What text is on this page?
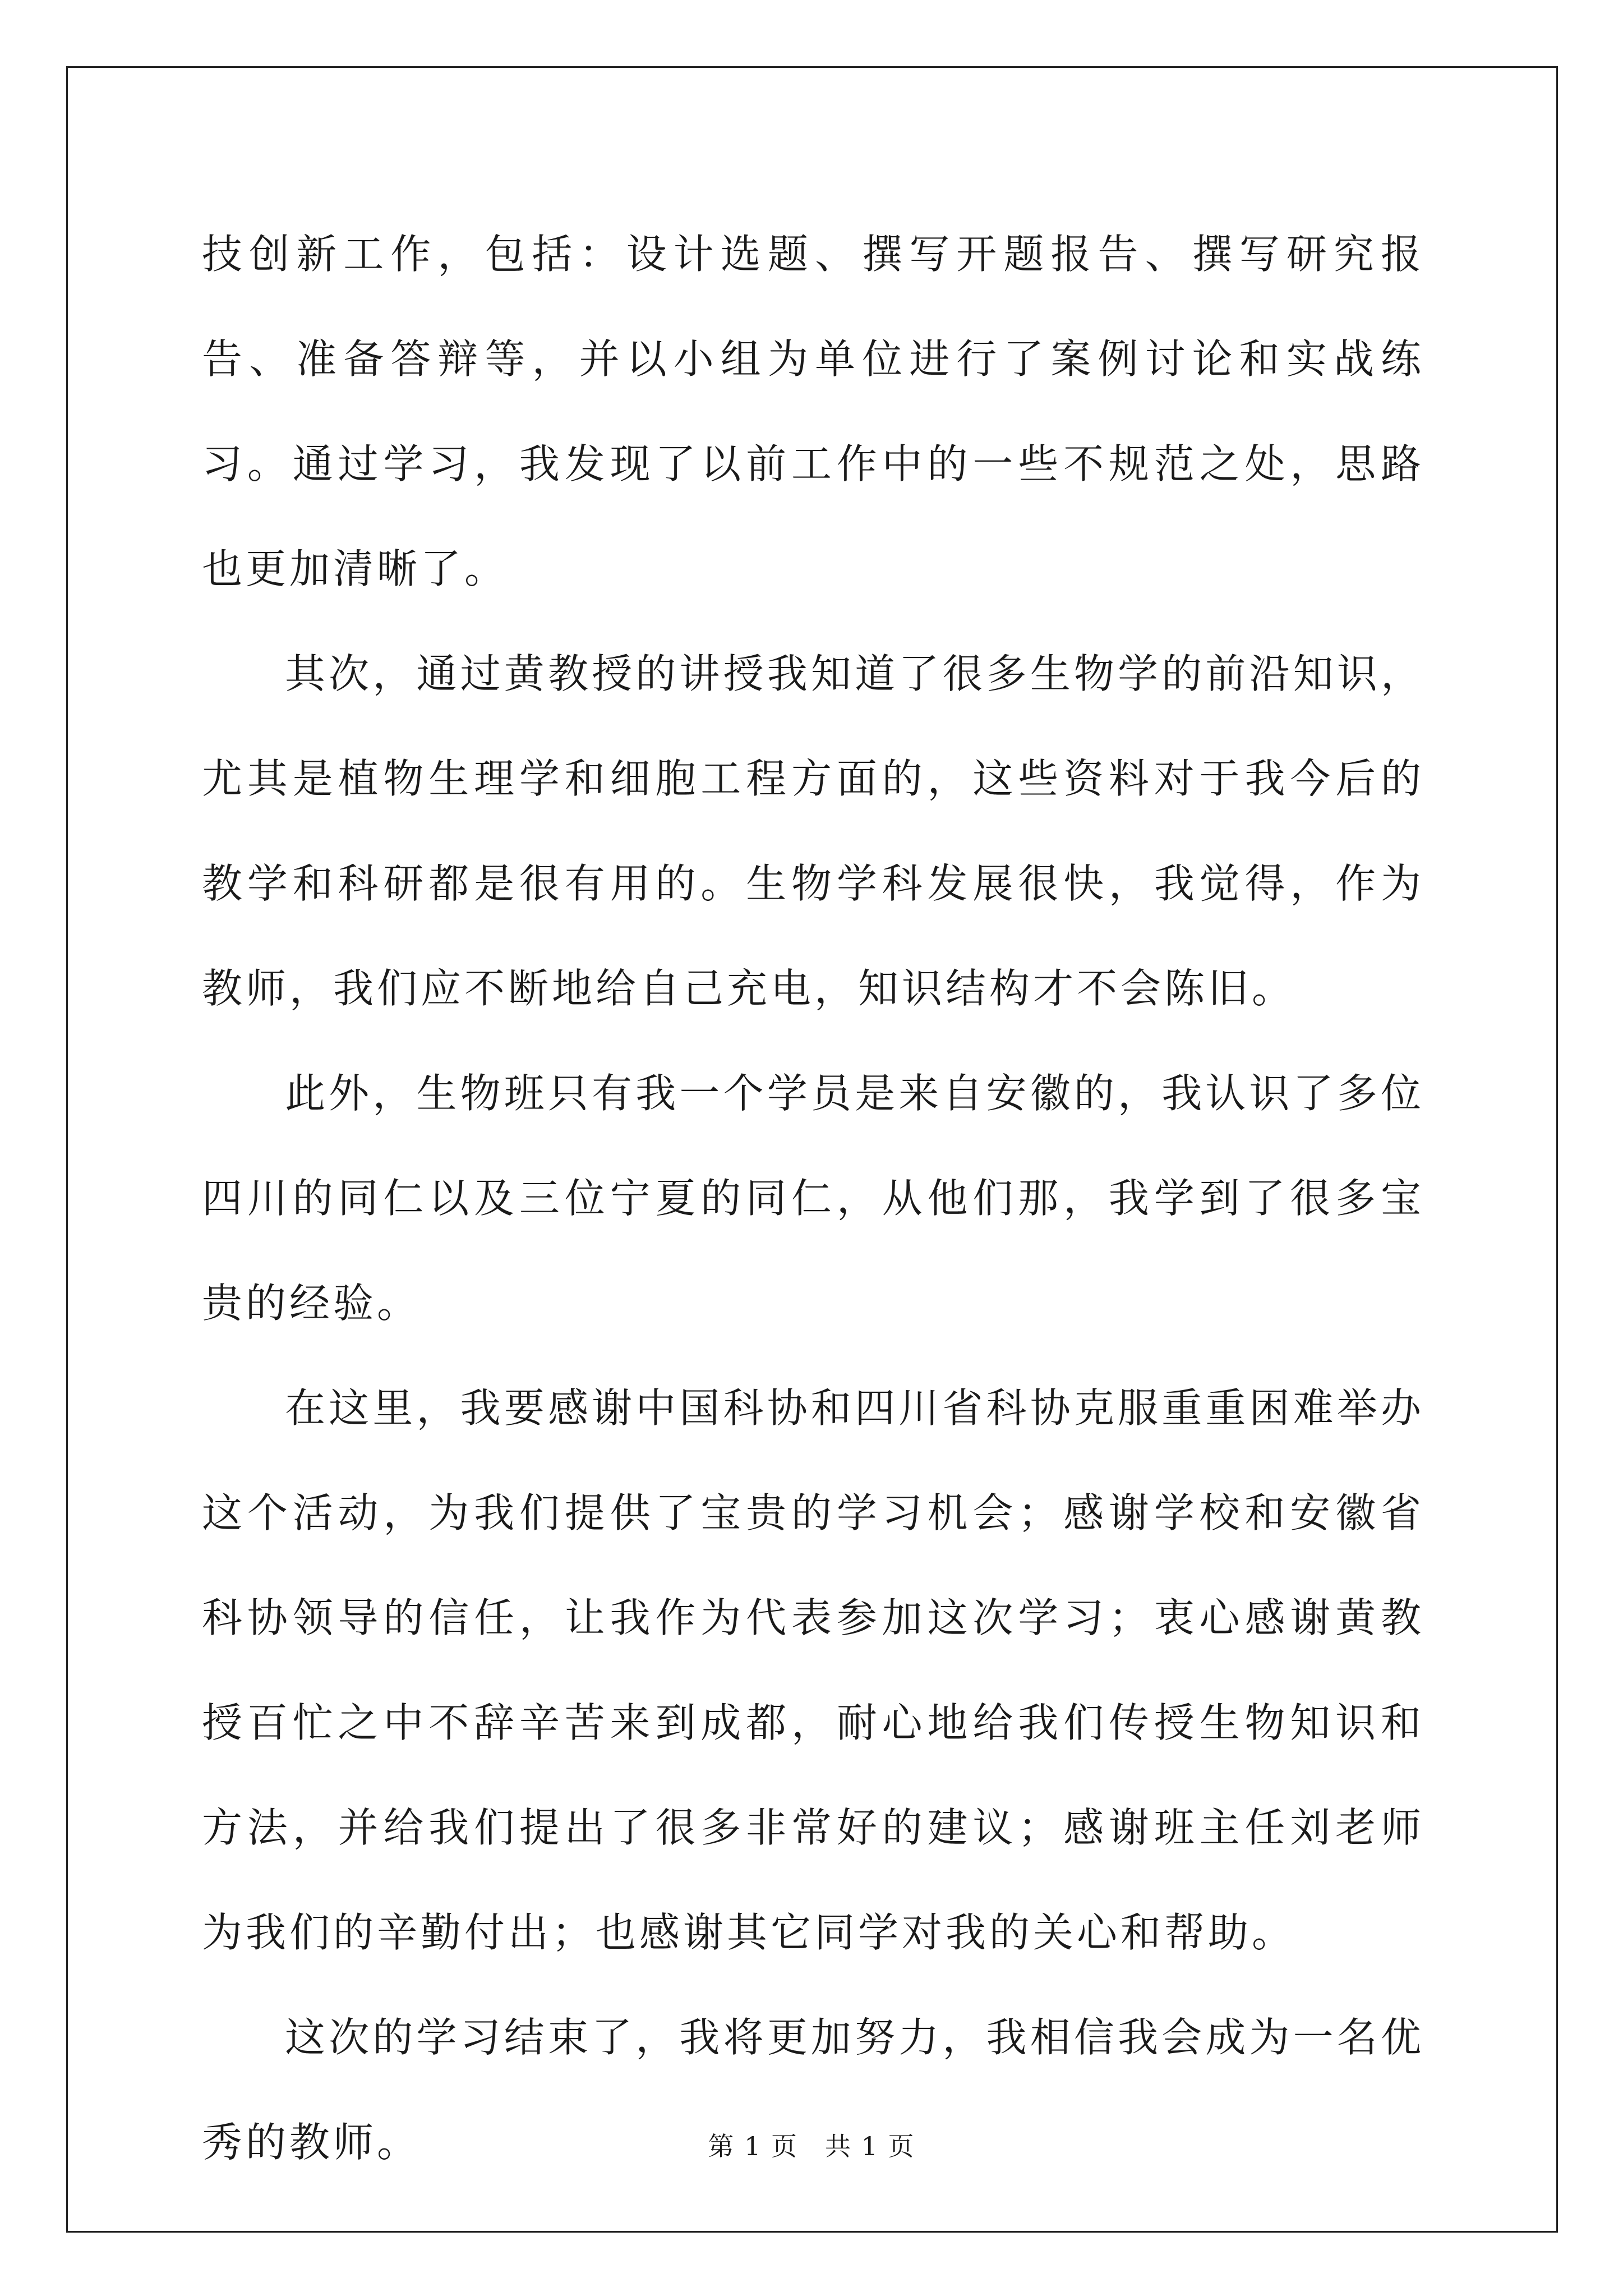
技创新工作，包括：设计选题、撰写开题报告、撰写研究报告、准备答辩等，并以小组为单位进行了案例讨论和实战练习。通过学习，我发现了以前工作中的一些不规范之处，思路也更加清晰了。

其次，通过黄教授的讲授我知道了很多生物学的前沿知识，尤其是植物生理学和细胞工程方面的，这些资料对于我今后的教学和科研都是很有用的。生物学科发展很快，我觉得，作为教师，我们应不断地给自己充电，知识结构才不会陈旧。

此外，生物班只有我一个学员是来自安徽的，我认识了多位四川的同仁以及三位宁夏的同仁，从他们那，我学到了很多宝贵的经验。

在这里，我要感谢中国科协和四川省科协克服重重困难举办这个活动，为我们提供了宝贵的学习机会；感谢学校和安徽省科协领导的信任，让我作为代表参加这次学习；衷心感谢黄教授百忙之中不辞辛苦来到成都，耐心地给我们传授生物知识和方法，并给我们提出了很多非常好的建议；感谢班主任刘老师为我们的辛勤付出；也感谢其它同学对我的关心和帮助。

这次的学习结束了，我将更加努力，我相信我会成为一名优秀的教师。	第 1 页　共 1 页
